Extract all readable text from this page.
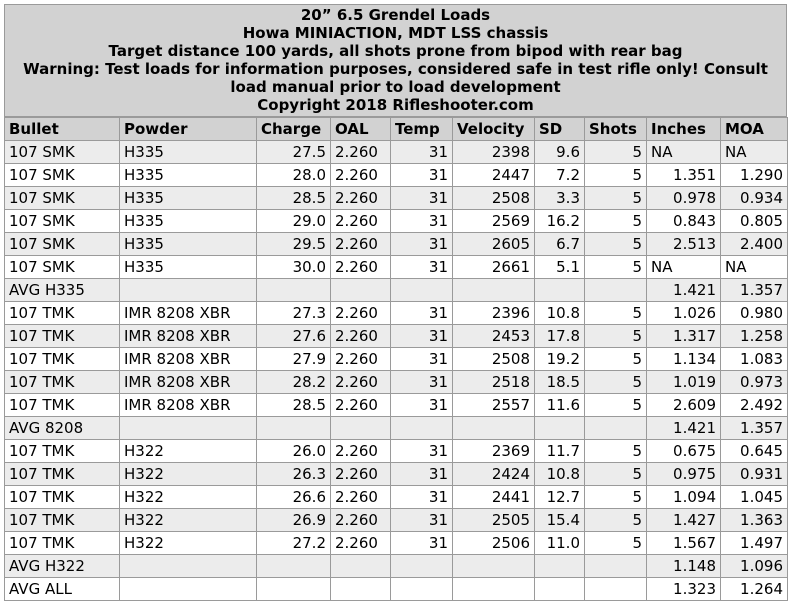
20” 6.5 Grendel Loads
Howa MINIACTION, MDT LSS chassis
Target distance 100 yards, all shots prone from bipod with rear bag
Warning: Test loads for information purposes, considered safe in test rifle only! Consult load manual prior to load development
Copyright 2018 Rifleshooter.com
Bullet	Powder	Charge	OAL	Temp	Velocity	SD	Shots	Inches	MOA
107 SMK	H335	27.5	2.260	31	2398	9.6	5	NA	NA
107 SMK	H335	28.0	2.260	31	2447	7.2	5	1.351	1.290
107 SMK	H335	28.5	2.260	31	2508	3.3	5	0.978	0.934
107 SMK	H335	29.0	2.260	31	2569	16.2	5	0.843	0.805
107 SMK	H335	29.5	2.260	31	2605	6.7	5	2.513	2.400
107 SMK	H335	30.0	2.260	31	2661	5.1	5	NA	NA
AVG H335								1.421	1.357
107 TMK	IMR 8208 XBR	27.3	2.260	31	2396	10.8	5	1.026	0.980
107 TMK	IMR 8208 XBR	27.6	2.260	31	2453	17.8	5	1.317	1.258
107 TMK	IMR 8208 XBR	27.9	2.260	31	2508	19.2	5	1.134	1.083
107 TMK	IMR 8208 XBR	28.2	2.260	31	2518	18.5	5	1.019	0.973
107 TMK	IMR 8208 XBR	28.5	2.260	31	2557	11.6	5	2.609	2.492
AVG 8208								1.421	1.357
107 TMK	H322	26.0	2.260	31	2369	11.7	5	0.675	0.645
107 TMK	H322	26.3	2.260	31	2424	10.8	5	0.975	0.931
107 TMK	H322	26.6	2.260	31	2441	12.7	5	1.094	1.045
107 TMK	H322	26.9	2.260	31	2505	15.4	5	1.427	1.363
107 TMK	H322	27.2	2.260	31	2506	11.0	5	1.567	1.497
AVG H322								1.148	1.096
AVG ALL								1.323	1.264
